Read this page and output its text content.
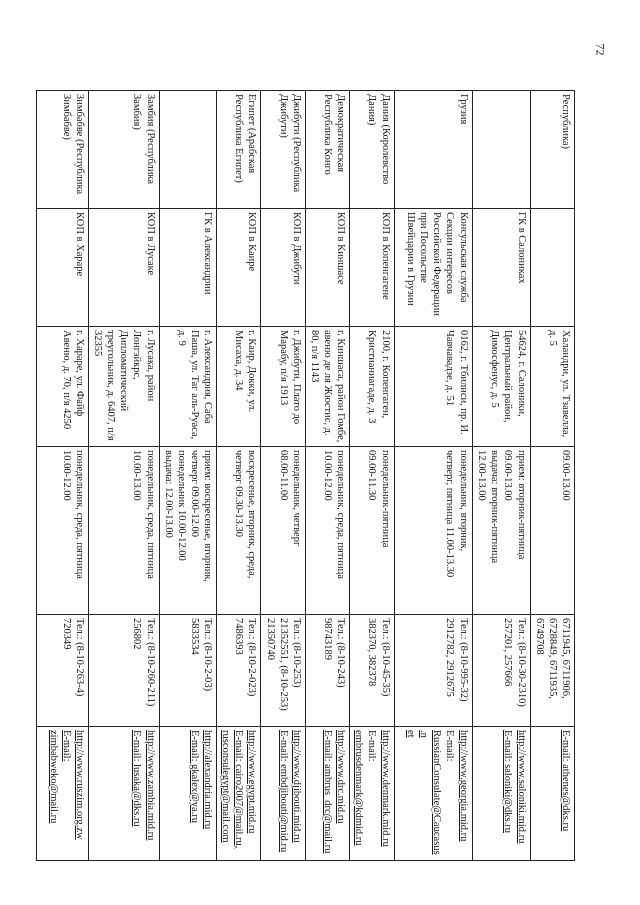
72
Республика)		Халандри, ул. Тзавелла, д. 5	09.00-13.00	6711945, 6711906,
6728849, 6711935,
6749708	E-mail: athenes@dks.ru

	ГК в Салониках	54624, г. Салоники, Центральный район, Димосфенус, д. 5	прием: вторник-пятница
09.00-13.00
выдача: вторник-пятница
12.00-13.00	Тел.: (8-10-30-2310)
257201, 257666	http://www.saloniki.mid.ru
E-mail: saloniki@dks.ru

Грузия	Консульская служба Секции интересов Российской Федерации при Посольстве Швейцарии в Грузии	0162, г. Тбилиси, пр. И. Чавчавадзе, д. 51	понедельник, вторник,
четверг, пятница 11.00-13.30	Тел.: (8-10-995-32)
2912782, 2912675	http://www.georgia.mid.ru
E-mail:
RussianConsulate@Caucasus.n
et

Дания (Королевство Дания)	КОП в Копенгагене	2100, г. Копенгаген, Кристианиагаде, д. 3	понедельник-пятница
09.00-11.30	Тел.: (8-10-45-35)
382370, 382378	http://www.denmark.mid.ru
E-mail:
embrusdenmark@kdmid.ru

Демократическая Республика Конго	КОП в Киншасе	г. Киншаса, район Гомбе, авеню де ля Жюстис, д. 80, п/я 1143	понедельник, среда, пятница
10.00-12.00	Тел.: (8-10-243)
98743189	http://www.drc.mid.ru
E-mail: ambrus_drc@mail.ru

Джибути (Республика Джибути)	КОП в Джибути	г. Джибути, Плато до Марабу, п/я 1913	понедельник, четверг
08.00-11.00	Тел.: (8-10-253)
21352551, (8-10-253)
21350740	http://www.djibouti.mid.ru
E-mail: embdjibouti@mid.ru

Египет (Арабская Республика Египет)	КОП в Каире	г. Каир, Докки, ул. Мисаха, д. 34	воскресенье, вторник, среда,
четверг 09.30-13.30	Тел.: (8-10-2-023)
7486393	http://www.egypt.mid.ru
E-mail: cairo2007@mail.ru,
rusconsulegypt@mail.com

	ГК в Александрии	г. Александрия, Саба Паша, ул. Таг аль-Руаса, д. 9	прием: воскресенье, вторник,
четверг 09.00-12.00
понедельник 10.00-12.00
выдача: 12.00-13.00	Тел.: (8-10-2-03)
5833534	http://alexandria.mid.ru
E-mail: gkalex@ya.ru

Замбия (Республика Замбия)	КОП в Лусаке	г. Лусака, район Лонгэйкрс, Дипломатический треугольник, д. 6407, п/я 32355	понедельник, среда, пятница
10.00-13.00	Тел.: (8-10-260-211)
256802	http://www.zambia.mid.ru
E-mail: lusaka@dks.ru

Зимбабве (Республика Зимбабве)	КОП в Хараре	г. Хараре, ул. Файф Авеню, д. 70, п/я 4250	понедельник, среда, пятница
10.00-12.00	Тел.: (8-10-263-4)
720349	http://www.ruszim.org.zw
E-mail: zimbabweko@mail.ru
